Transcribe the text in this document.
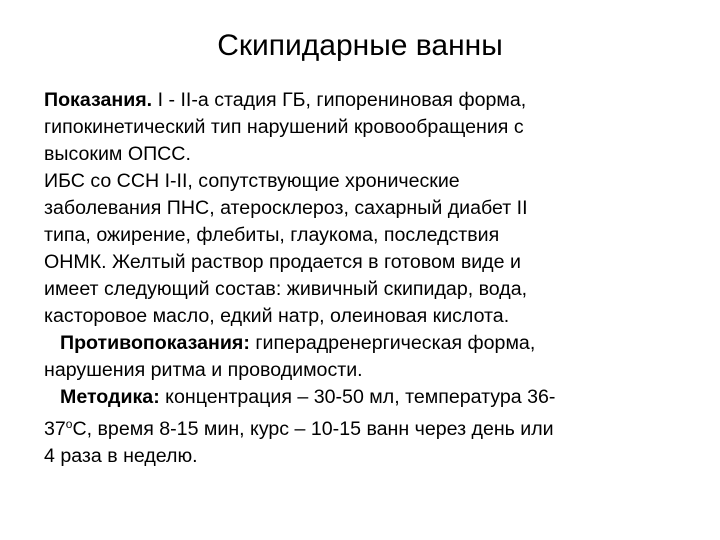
Скипидарные ванны
Показания. I - II-а стадия ГБ, гипорениновая форма,
гипокинетический тип нарушений кровообращения с
высоким ОПСС.
ИБС со ССН I-II, сопутствующие хронические
заболевания ПНС, атеросклероз, сахарный диабет II
типа, ожирение, флебиты, глаукома, последствия
ОНМК. Желтый раствор продается в готовом виде и
имеет следующий состав: живичный скипидар, вода,
касторовое масло, едкий натр, олеиновая кислота.
Противопоказания: гиперадренергическая форма,
нарушения ритма и проводимости.
Методика: концентрация – 30-50 мл, температура 36-
$37^оС$, время 8-15 мин, курс – 10-15 ванн через день или
4 раза в неделю.
